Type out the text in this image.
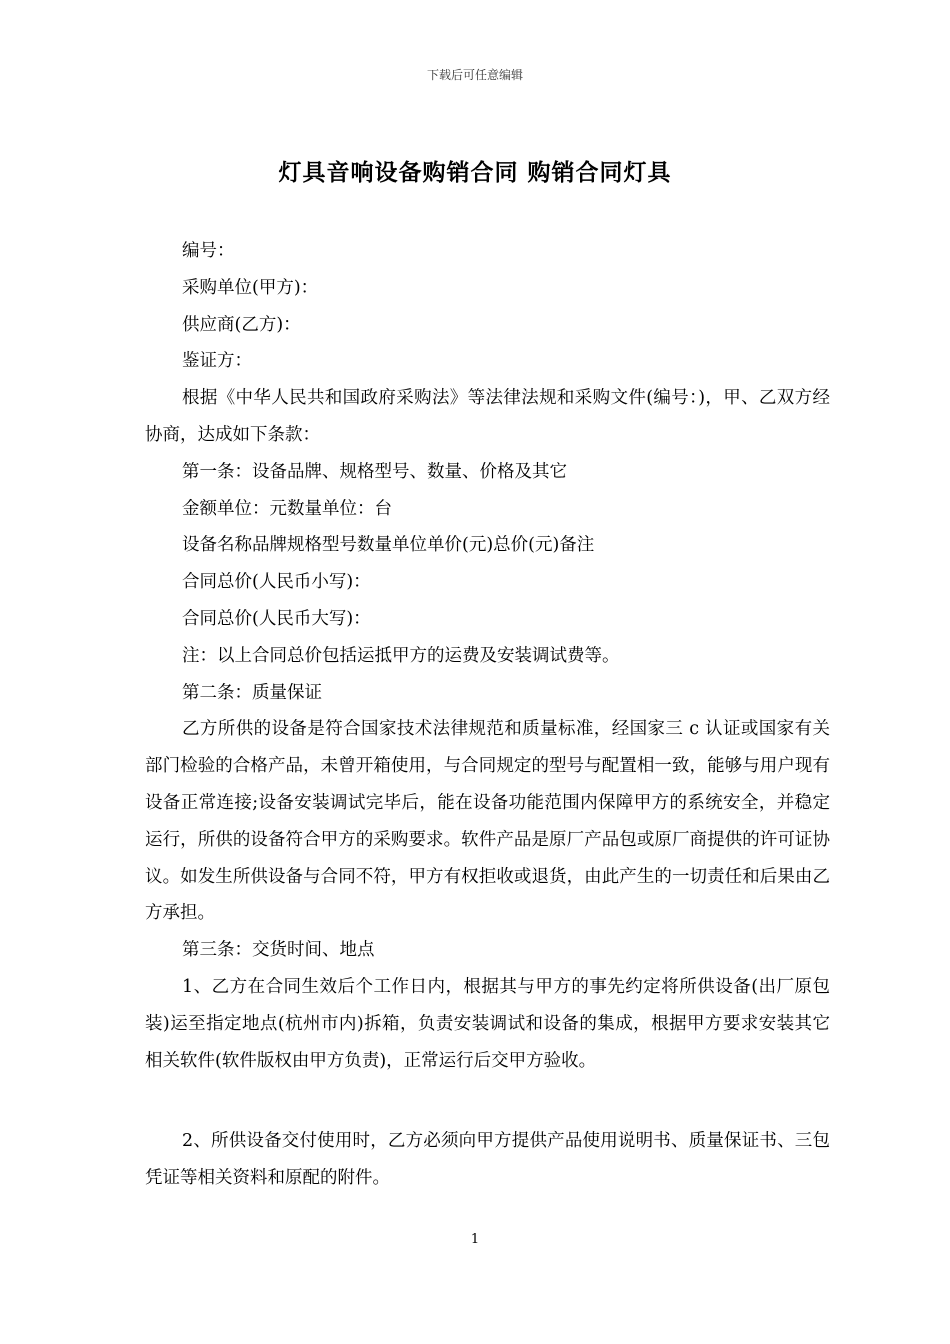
下载后可任意编辑
灯具音响设备购销合同 购销合同灯具

编号：

采购单位(甲方)：

供应商(乙方)：

鉴证方：

根据《中华人民共和国政府采购法》等法律法规和采购文件(编号：)，甲、乙双方经协商，达成如下条款：

第一条：设备品牌、规格型号、数量、价格及其它

金额单位：元数量单位：台

设备名称品牌规格型号数量单位单价(元)总价(元)备注

合同总价(人民币小写)：

合同总价(人民币大写)：

注：以上合同总价包括运抵甲方的运费及安装调试费等。

第二条：质量保证

乙方所供的设备是符合国家技术法律规范和质量标准，经国家三 c 认证或国家有关部门检验的合格产品，未曾开箱使用，与合同规定的型号与配置相一致，能够与用户现有设备正常连接;设备安装调试完毕后，能在设备功能范围内保障甲方的系统安全，并稳定运行，所供的设备符合甲方的采购要求。软件产品是原厂产品包或原厂商提供的许可证协议。如发生所供设备与合同不符，甲方有权拒收或退货，由此产生的一切责任和后果由乙方承担。

第三条：交货时间、地点

1、乙方在合同生效后个工作日内，根据其与甲方的事先约定将所供设备(出厂原包装)运至指定地点(杭州市内)拆箱，负责安装调试和设备的集成，根据甲方要求安装其它相关软件(软件版权由甲方负责)，正常运行后交甲方验收。

2、所供设备交付使用时，乙方必须向甲方提供产品使用说明书、质量保证书、三包凭证等相关资料和原配的附件。

1
